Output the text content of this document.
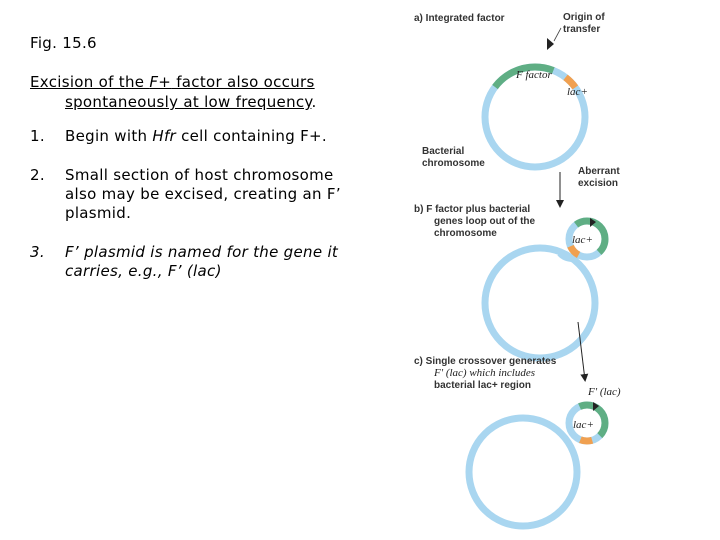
Fig. 15.6
Excision of the F+ factor also occurs
spontaneously at low frequency.
1. Begin with Hfr cell containing F+.
2. Small section of host chromosome
also may be excised, creating an F’
plasmid.
3. F’ plasmid is named for the gene it
carries, e.g., F’ (lac)
a) Integrated factor	Origin of
transfer
F factor
lac+
Bacterial
chromosome
Aberrant
excision
b) F factor plus bacterial
genes loop out of the
chromosome
lac+
c) Single crossover generates
F' (lac) which includes
bacterial lac+ region
F' (lac)
lac+
